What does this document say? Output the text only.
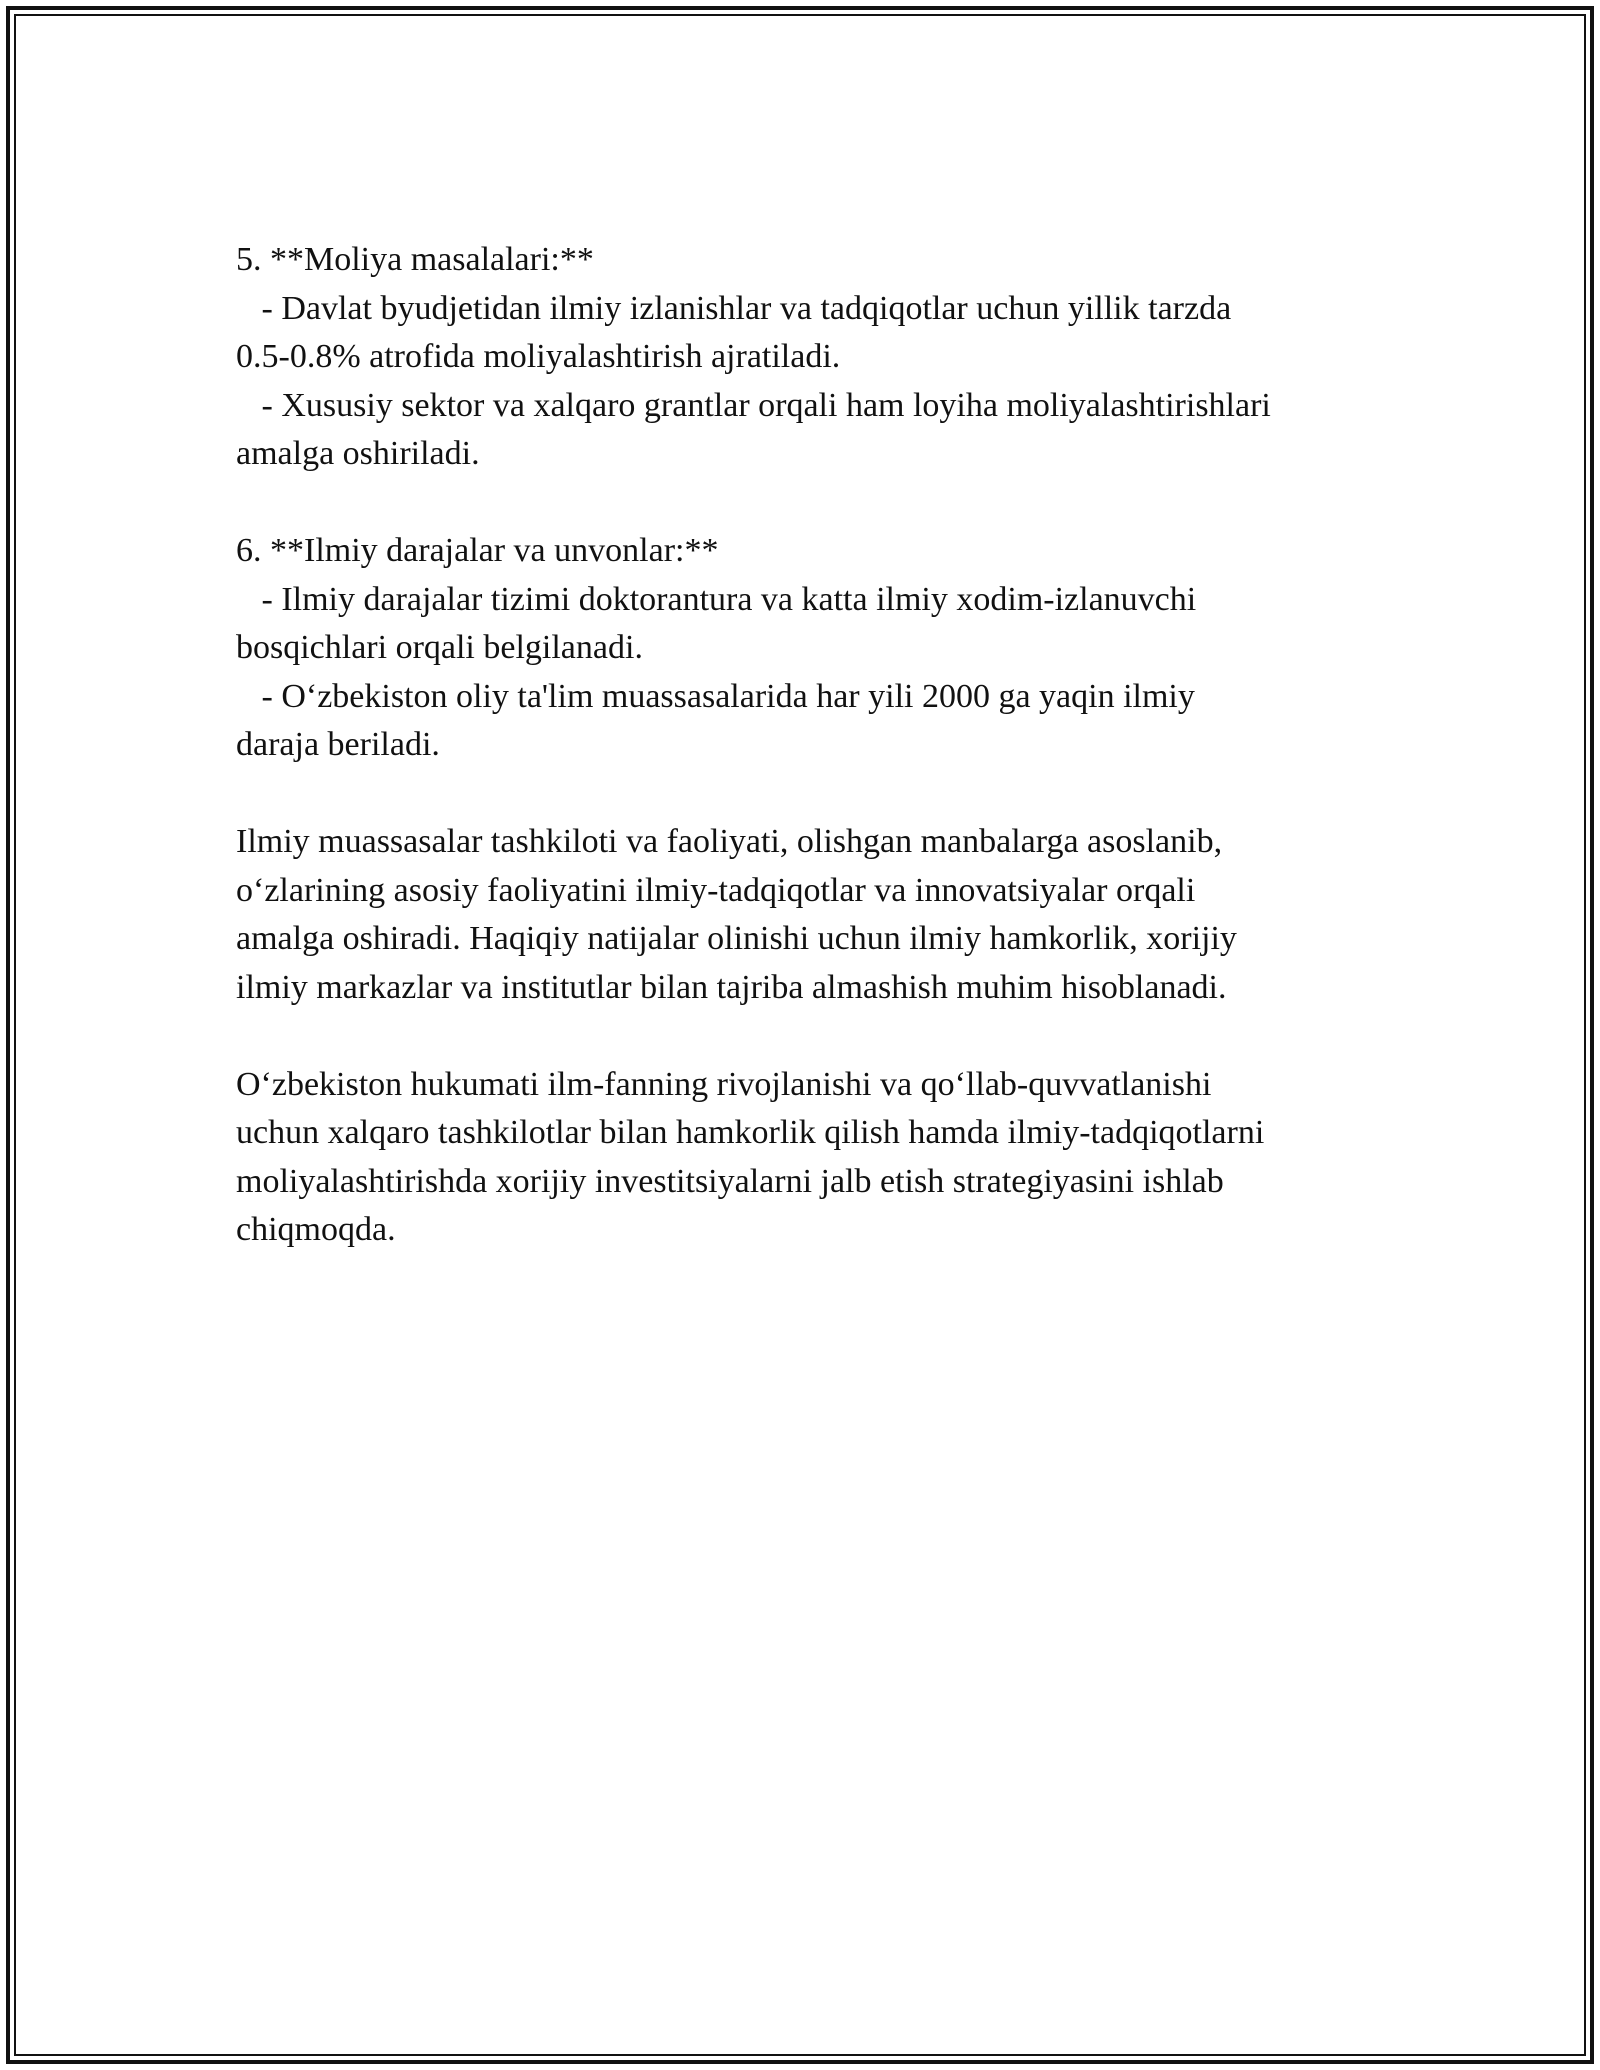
5. **Moliya masalalari:**
- Davlat byudjetidan ilmiy izlanishlar va tadqiqotlar uchun yillik tarzda
0.5-0.8% atrofida moliyalashtirish ajratiladi.
- Xususiy sektor va xalqaro grantlar orqali ham loyiha moliyalashtirishlari
amalga oshiriladi.
6. **Ilmiy darajalar va unvonlar:**
- Ilmiy darajalar tizimi doktorantura va katta ilmiy xodim-izlanuvchi
bosqichlari orqali belgilanadi.
- O‘zbekiston oliy ta'lim muassasalarida har yili 2000 ga yaqin ilmiy
daraja beriladi.
Ilmiy muassasalar tashkiloti va faoliyati, olishgan manbalarga asoslanib,
o‘zlarining asosiy faoliyatini ilmiy-tadqiqotlar va innovatsiyalar orqali
amalga oshiradi. Haqiqiy natijalar olinishi uchun ilmiy hamkorlik, xorijiy
ilmiy markazlar va institutlar bilan tajriba almashish muhim hisoblanadi.
O‘zbekiston hukumati ilm-fanning rivojlanishi va qo‘llab-quvvatlanishi
uchun xalqaro tashkilotlar bilan hamkorlik qilish hamda ilmiy-tadqiqotlarni
moliyalashtirishda xorijiy investitsiyalarni jalb etish strategiyasini ishlab
chiqmoqda.
